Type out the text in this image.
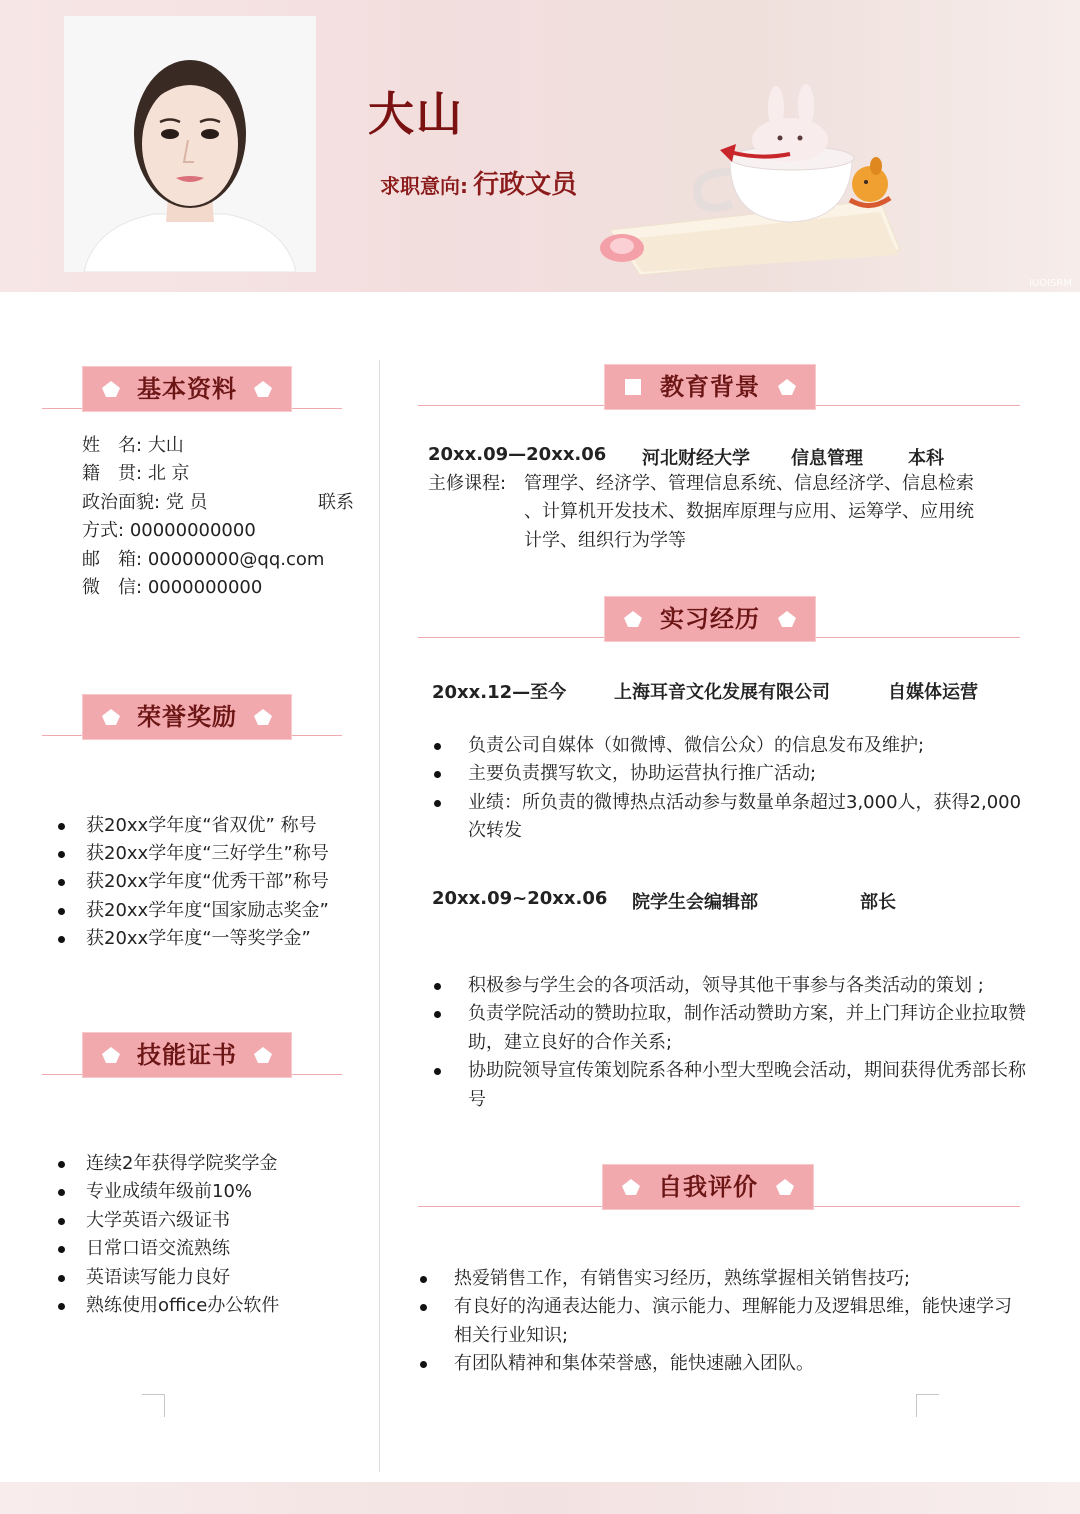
大山
求职意向: 行政文员
IUOISRM
基本资料
姓　名: 大山
籍　贯: 北 京
政治面貌: 党 员	联系
方式: 00000000000
邮　箱: 00000000@qq.com
微　信: 0000000000
荣誉奖励
获20xx学年度“省双优” 称号
获20xx学年度“三好学生”称号
获20xx学年度“优秀干部”称号
获20xx学年度“国家励志奖金”
获20xx学年度“一等奖学金”
技能证书
连续2年获得学院奖学金
专业成绩年级前10%
大学英语六级证书
日常口语交流熟练
英语读写能力良好
熟练使用office办公软件
教育背景
20xx.09—20xx.06 河北财经大学 信息管理	本科
主修课程: 管理学、经济学、管理信息系统、信息经济学、信息检索
、计算机开发技术、数据库原理与应用、运筹学、应用统
计学、组织行为学等
实习经历
20xx.12—至今	上海耳音文化发展有限公司	自媒体运营
负责公司自媒体（如微博、微信公众）的信息发布及维护;
主要负责撰写软文，协助运营执行推广活动;
业绩：所负责的微博热点活动参与数量单条超过3,000人，获得2,000次转发
20xx.09~20xx.06 院学生会编辑部	部长
积极参与学生会的各项活动，领导其他干事参与各类活动的策划 ;
负责学院活动的赞助拉取，制作活动赞助方案，并上门拜访企业拉取赞助，建立良好的合作关系;
协助院领导宣传策划院系各种小型大型晚会活动，期间获得优秀部长称号
自我评价
热爱销售工作，有销售实习经历，熟练掌握相关销售技巧;
有良好的沟通表达能力、演示能力、理解能力及逻辑思维，能快速学习相关行业知识;
有团队精神和集体荣誉感，能快速融入团队。
